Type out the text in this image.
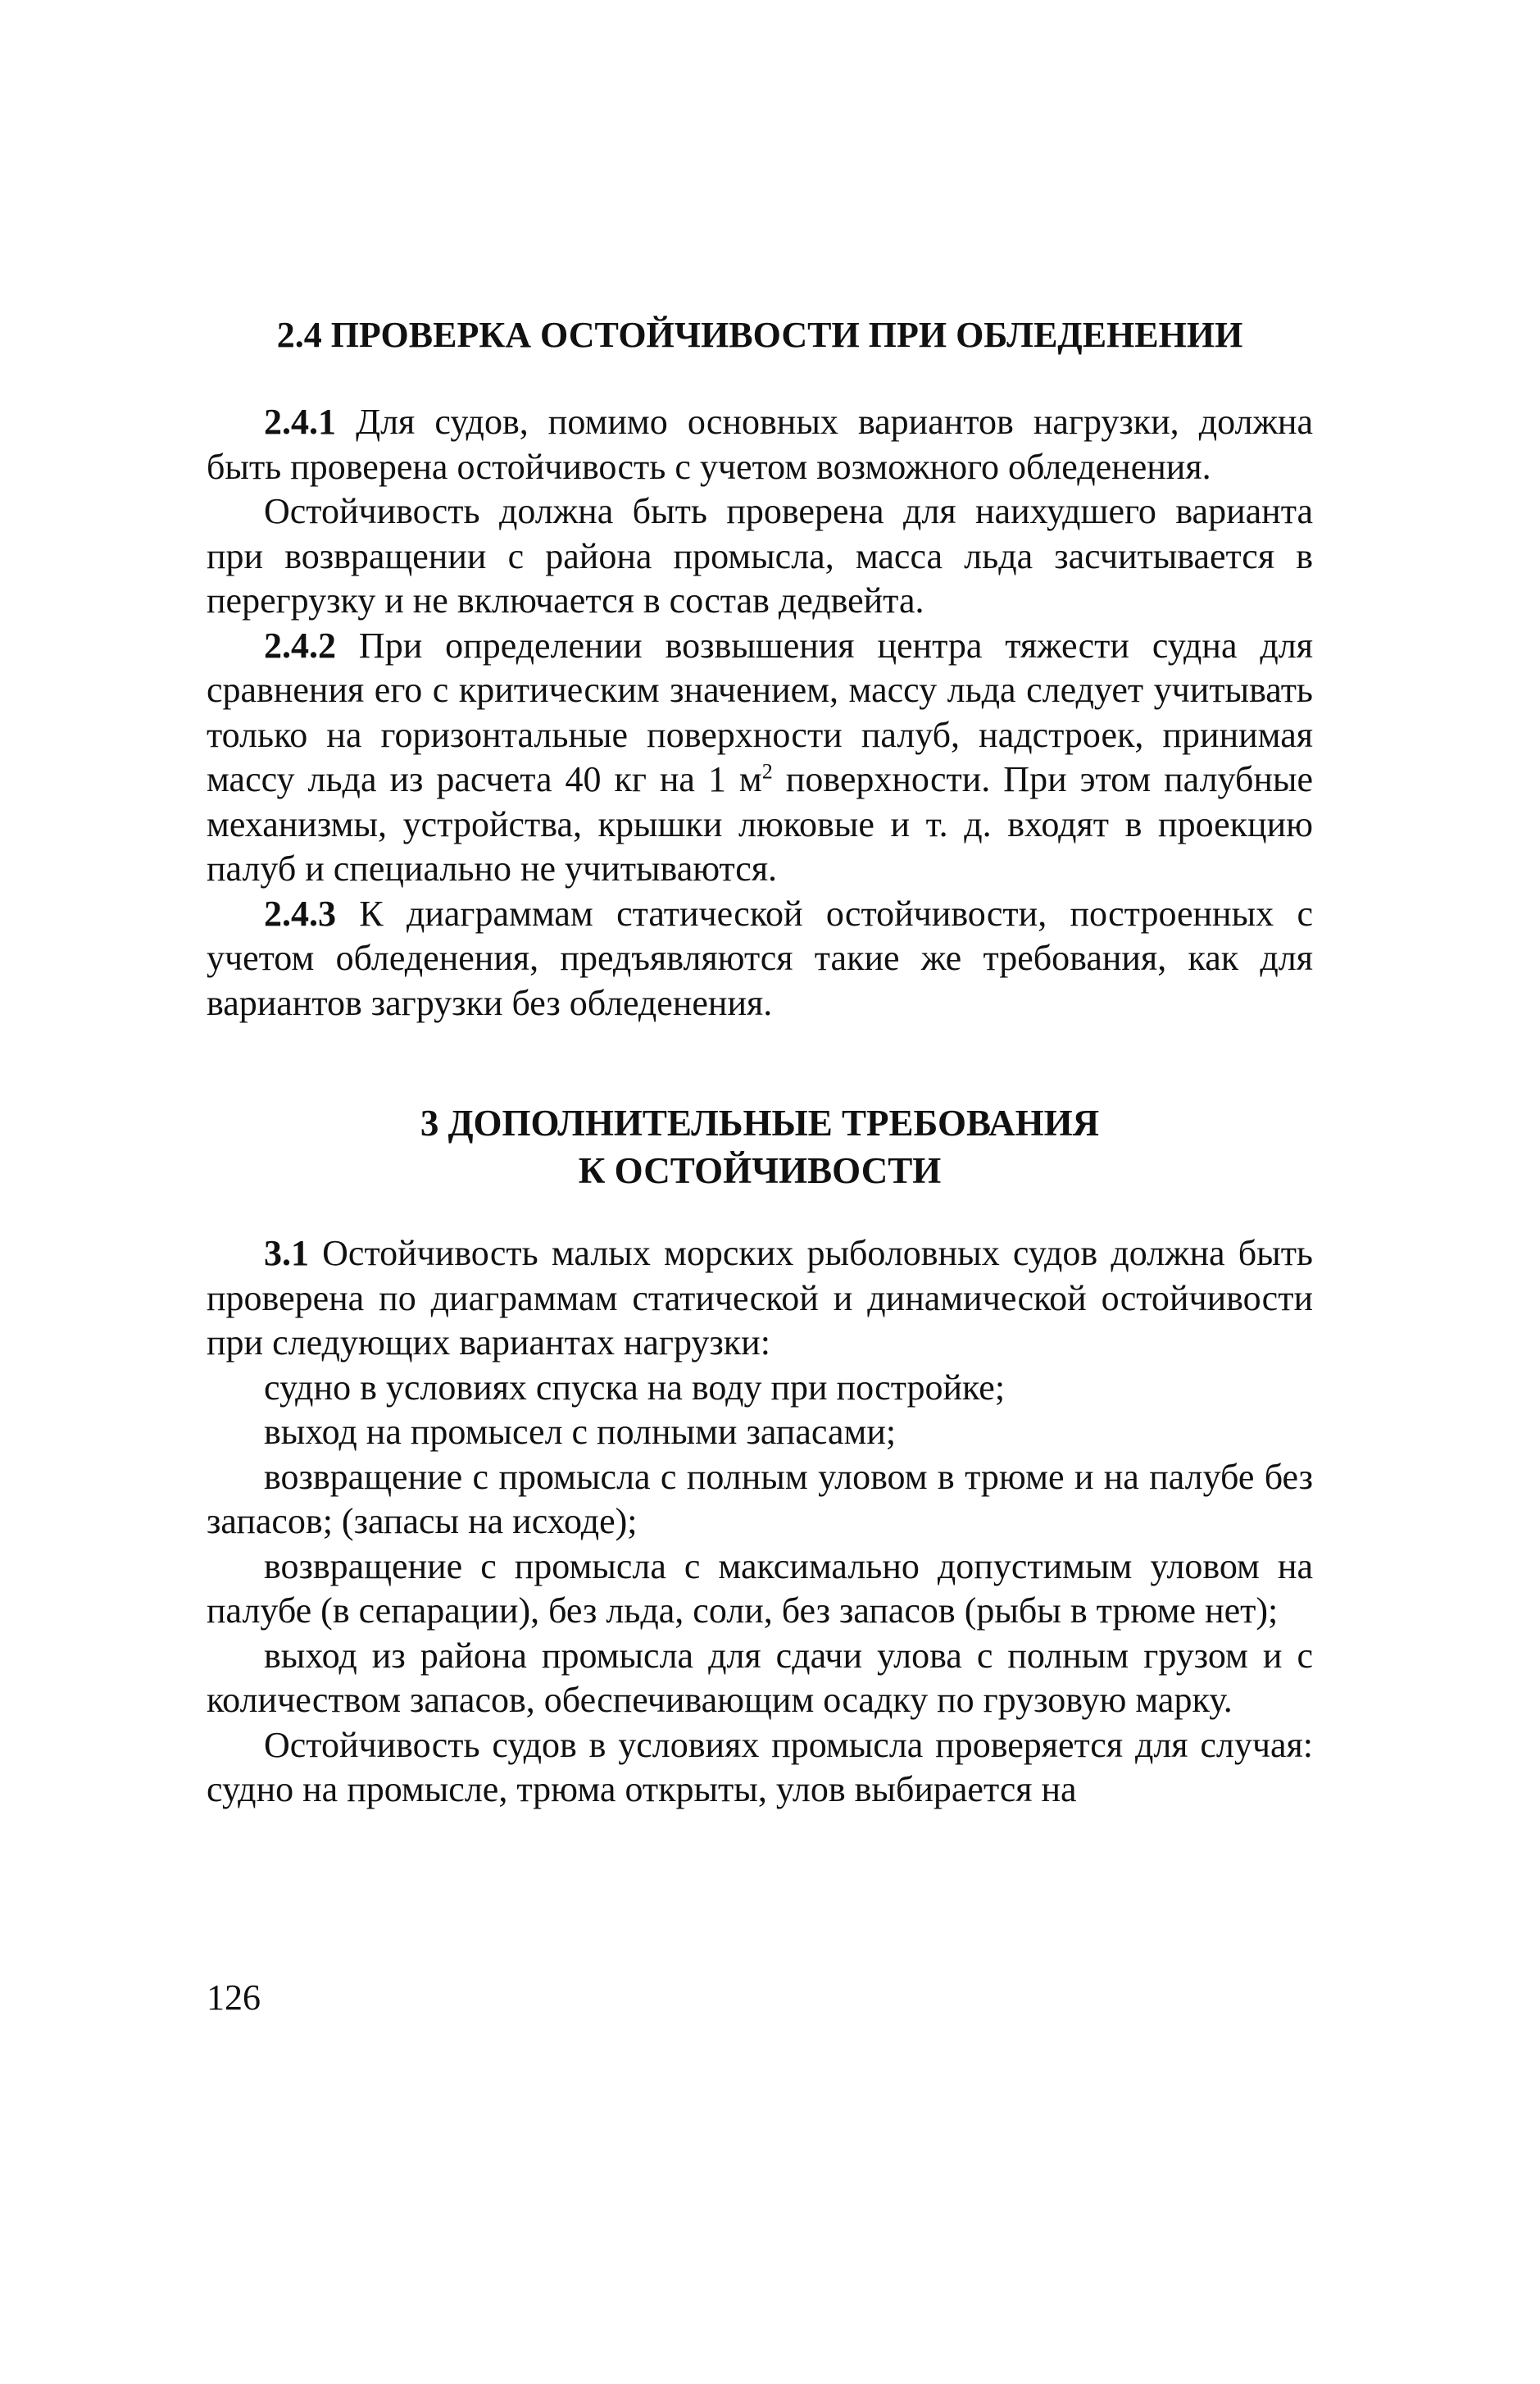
2.4 ПРОВЕРКА ОСТОЙЧИВОСТИ ПРИ ОБЛЕДЕНЕНИИ

2.4.1 Для судов, помимо основных вариантов нагрузки, должна быть проверена остойчивость с учетом возможного обледенения.

Остойчивость должна быть проверена для наихудшего варианта при возвращении с района промысла, масса льда засчитывается в перегрузку и не включается в состав дедвейта.

2.4.2 При определении возвышения центра тяжести судна для сравнения его с критическим значением, массу льда следует учитывать только на горизонтальные поверхности палуб, надстроек, принимая массу льда из расчета 40 кг на 1 $м^2$ поверхности. При этом палубные механизмы, устройства, крышки люковые и т. д. входят в проекцию палуб и специально не учитываются.

2.4.3 К диаграммам статической остойчивости, построенных с учетом обледенения, предъявляются такие же требования, как для вариантов загрузки без обледенения.

3 ДОПОЛНИТЕЛЬНЫЕ ТРЕБОВАНИЯ
К ОСТОЙЧИВОСТИ

3.1 Остойчивость малых морских рыболовных судов должна быть проверена по диаграммам статической и динамической остойчивости при следующих вариантах нагрузки:

судно в условиях спуска на воду при постройке;

выход на промысел с полными запасами;

возвращение с промысла с полным уловом в трюме и на палубе без запасов; (запасы на исходе);

возвращение с промысла с максимально допустимым уловом на палубе (в сепарации), без льда, соли, без запасов (рыбы в трюме нет);

выход из района промысла для сдачи улова с полным грузом и с количеством запасов, обеспечивающим осадку по грузовую марку.

Остойчивость судов в условиях промысла проверяется для случая: судно на промысле, трюма открыты, улов выбирается на

126
